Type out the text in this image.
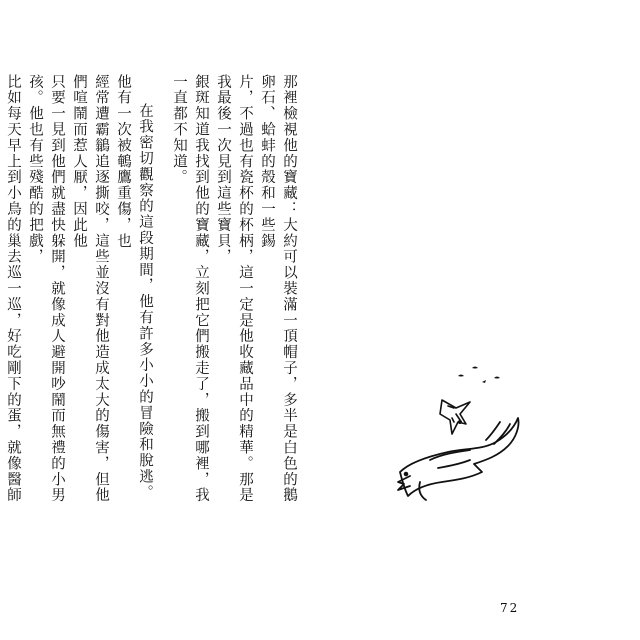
那裡檢視他的寶藏：大約可以裝滿一頂帽子，多半是白色的鵝卵石、蛤蚌的殼和一些錫

片，不過也有瓷杯的杯柄，這一定是他收藏品中的精華。那是我最後一次見到這些寶貝，

銀斑知道我找到他的寶藏，立刻把它們搬走了，搬到哪裡，我一直都不知道。

在我密切觀察的這段期間，他有許多小小的冒險和脫逃。他有一次被鵪鷹重傷，也

經常遭霸鶲追逐撕咬，這些並沒有對他造成太大的傷害，但他們喧鬧而惹人厭，因此他

只要一見到他們就盡快躲開，就像成人避開吵鬧而無禮的小男孩。他也有些殘酷的把戲，

比如每天早上到小鳥的巢去巡一巡，好吃剛下的蛋，就像醫師

72
